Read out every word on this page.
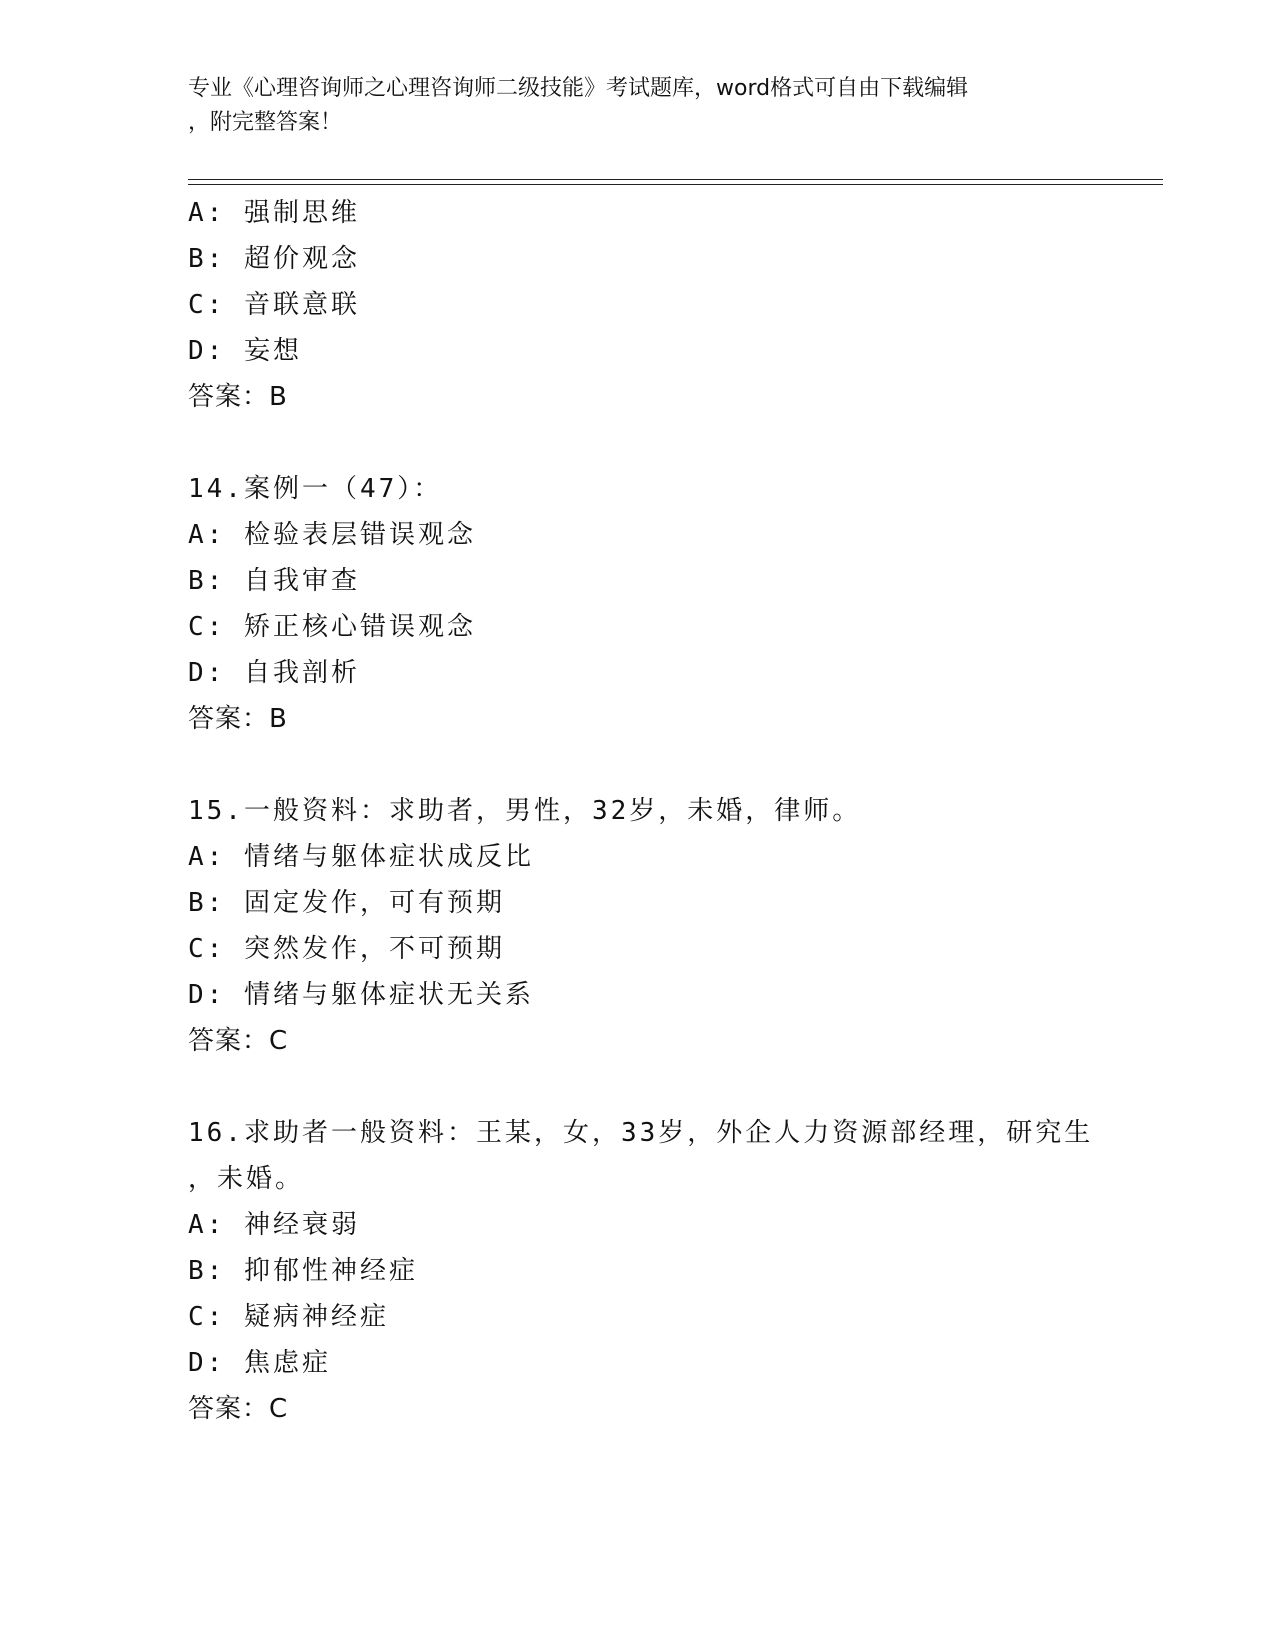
专业《心理咨询师之心理咨询师二级技能》考试题库，word格式可自由下载编辑
，附完整答案！
A: 强制思维
B: 超价观念
C: 音联意联
D: 妄想
答案：B
14.案例一（47）：
A: 检验表层错误观念
B: 自我审查
C: 矫正核心错误观念
D: 自我剖析
答案：B
15.一般资料：求助者，男性，32岁，未婚，律师。
A: 情绪与躯体症状成反比
B: 固定发作，可有预期
C: 突然发作，不可预期
D: 情绪与躯体症状无关系
答案：C
16.求助者一般资料：王某，女，33岁，外企人力资源部经理，研究生
，未婚。
A: 神经衰弱
B: 抑郁性神经症
C: 疑病神经症
D: 焦虑症
答案：C
